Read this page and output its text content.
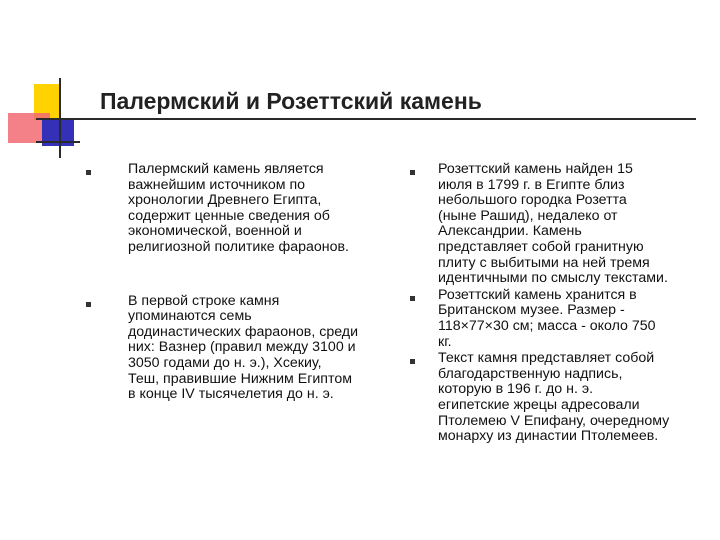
Палермский и Розеттский камень
Палермский камень является
важнейшим источником по
хронологии Древнего Египта,
содержит ценные сведения об
экономической, военной и
религиозной политике фараонов.
В первой строке камня
упоминаются семь
додинастических фараонов, среди
них: Вазнер (правил между 3100 и
3050 годами до н. э.), Хсекиу,
Теш, правившие Нижним Египтом
в конце IV тысячелетия до н. э.
Розеттский камень найден 15
июля в 1799 г. в Египте близ
небольшого городка Розетта
(ныне Рашид), недалеко от
Александрии. Камень
представляет собой гранитную
плиту с выбитыми на ней тремя
идентичными по смыслу текстами.
Розеттский камень хранится в
Британском музее. Размер -
118×77×30 см; масса - около 750
кг.
Текст камня представляет собой
благодарственную надпись,
которую в 196 г. до н. э.
египетские жрецы адресовали
Птолемею V Епифану, очередному
монарху из династии Птолемеев.
